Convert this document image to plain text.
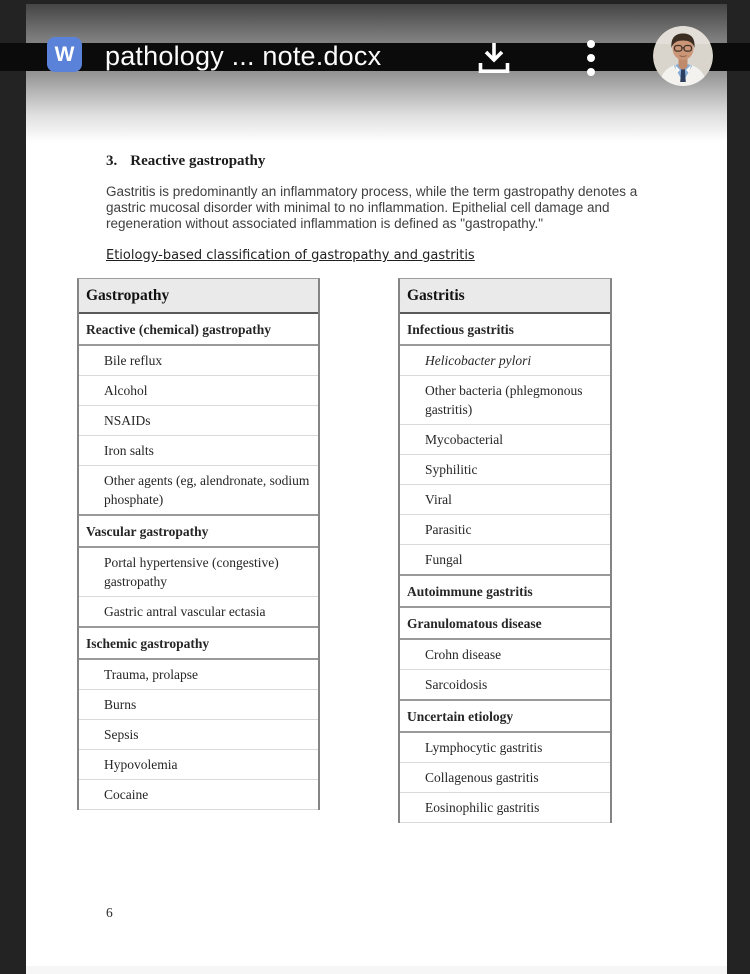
3. Reactive gastropathy

Gastritis is predominantly an inflammatory process, while the term gastropathy denotes a gastric mucosal disorder with minimal to no inflammation. Epithelial cell damage and regeneration without associated inflammation is defined as "gastropathy."

Etiology-based classification of gastropathy and gastritis
Gastropathy
Reactive (chemical) gastropathy
Bile reflux
Alcohol
NSAIDs
Iron salts
Other agents (eg, alendronate, sodium phosphate)
Vascular gastropathy
Portal hypertensive (congestive) gastropathy
Gastric antral vascular ectasia
Ischemic gastropathy
Trauma, prolapse
Burns
Sepsis
Hypovolemia
Cocaine
Gastritis
Infectious gastritis
Helicobacter pylori
Other bacteria (phlegmonous gastritis)
Mycobacterial
Syphilitic
Viral
Parasitic
Fungal
Autoimmune gastritis
Granulomatous disease
Crohn disease
Sarcoidosis
Uncertain etiology
Lymphocytic gastritis
Collagenous gastritis
Eosinophilic gastritis
6
W pathology ... note.docx
